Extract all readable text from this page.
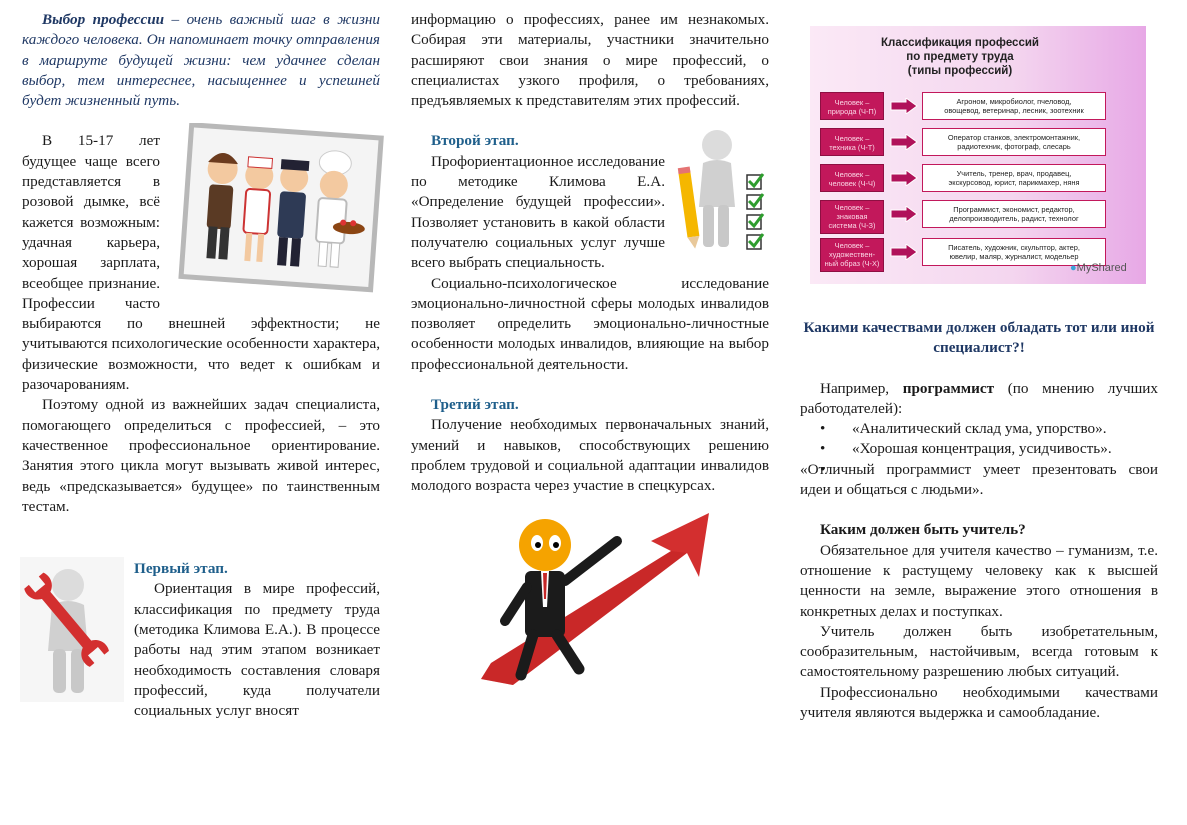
Выбор профессии – очень важный шаг в жизни каждого человека. Он напоминает точку отправления в маршруте будущей жизни: чем удачнее сделан выбор, тем интереснее, насыщеннее и успешней будет жизненный путь.

В 15-17 лет будущее чаще всего представляется в розовой дымке, всё кажется возможным: удачная карьера, хорошая зарплата, всеобщее признание. Профессии часто выбираются по внешней эффектности; не учитываются психологические особенности характера, физические возможности, что ведет к ошибкам и разочарованиям.

Поэтому одной из важнейших задач специалиста, помогающего определиться с профессией, – это качественное профессиональное ориентирование. Занятия этого цикла могут вызывать живой интерес, ведь «предсказывается» будущее» по таинственным тестам.

Первый этап.

Ориентация в мире профессий, классификация по предмету труда (методика Климова Е.А.). В процессе работы над этим этапом возникает необходимость составления словаря профессий, куда получатели социальных услуг вносят

информацию о профессиях, ранее им незнакомых. Собирая эти материалы, участники значительно расширяют свои знания о мире профессий, о специалистах узкого профиля, о требованиях, предъявляемых к представителям этих профессий.

Второй этап.

Профориентационное исследование по методике Климова Е.А. «Определение будущей профессии». Позволяет установить в какой области получателю социальных услуг лучше всего выбрать специальность.

Социально-психологическое исследование эмоционально-личностной сферы молодых инвалидов позволяет определить эмоционально-личностные особенности молодых инвалидов, влияющие на выбор профессиональной деятельности.

Третий этап.

Получение необходимых первоначальных знаний, умений и навыков, способствующих решению проблем трудовой и социальной адаптации инвалидов молодого возраста через участие в спецкурсах.

Классификация профессий
по предмету труда
(типы профессий)
Человек –
природа (Ч-П)
Агроном, микробиолог, пчеловод,
овощевод, ветеринар, лесник, зоотехник
Человек –
техника (Ч-Т)
Оператор станков, электромонтажник,
радиотехник, фотограф, слесарь
Человек –
человек (Ч-Ч)
Учитель, тренер, врач, продавец,
экскурсовод, юрист, парикмахер, няня
Человек –
знаковая
система (Ч-З)
Программист, экономист, редактор,
делопроизводитель, радист, технолог
Человек –
художествен-
ный образ (Ч-Х)
Писатель, художник, скульптор, актер,
ювелир, маляр, журналист, модельер
●MyShared

Какими качествами должен обладать тот или иной специалист?!

Например, программист (по мнению лучших работодателей):

• «Аналитический склад ума, упорство».
• «Хорошая концентрация, усидчивость».
• «Отличный программист умеет презентовать свои идеи и общаться с людьми».

Каким должен быть учитель?

Обязательное для учителя качество – гуманизм, т.е. отношение к растущему человеку как к высшей ценности на земле, выражение этого отношения в конкретных делах и поступках.

Учитель должен быть изобретательным, сообразительным, настойчивым, всегда готовым к самостоятельному разрешению любых ситуаций.

Профессионально необходимыми качествами учителя являются выдержка и самообладание.
